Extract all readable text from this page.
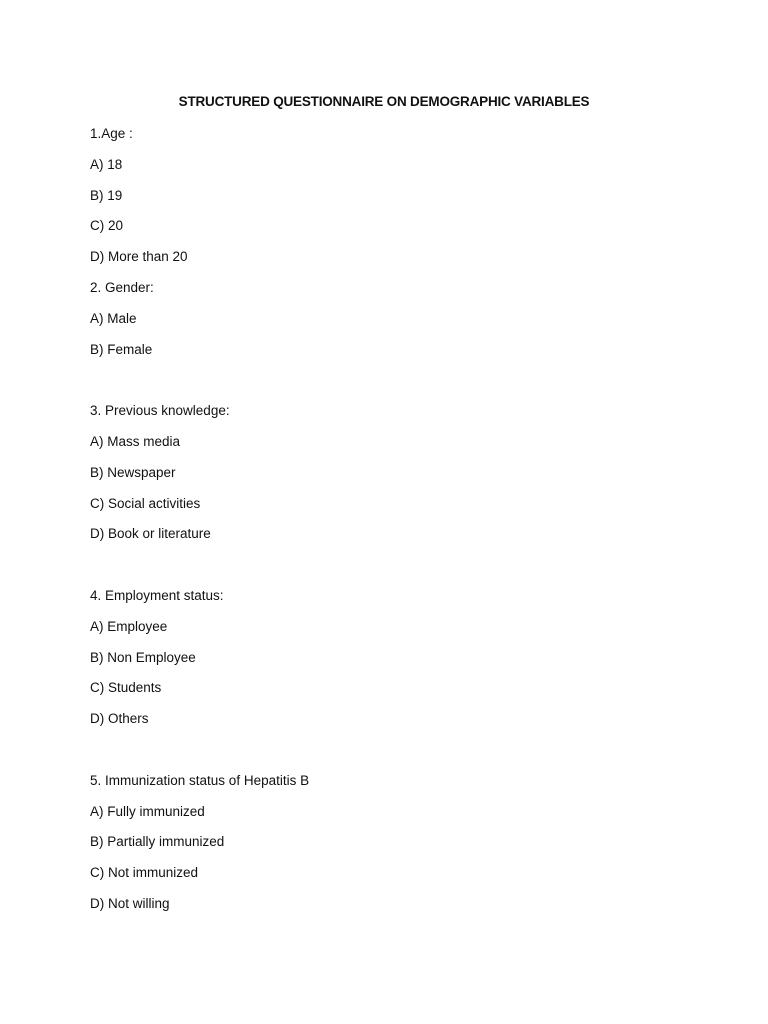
STRUCTURED QUESTIONNAIRE ON DEMOGRAPHIC VARIABLES
1.Age :
A) 18
B) 19
C) 20
D) More than 20
2. Gender:
A) Male
B) Female
3. Previous knowledge:
A) Mass media
B) Newspaper
C) Social activities
D) Book or literature
4. Employment status:
A) Employee
B) Non Employee
C) Students
D) Others
5. Immunization status of Hepatitis B
A) Fully immunized
B) Partially immunized
C) Not immunized
D) Not willing
